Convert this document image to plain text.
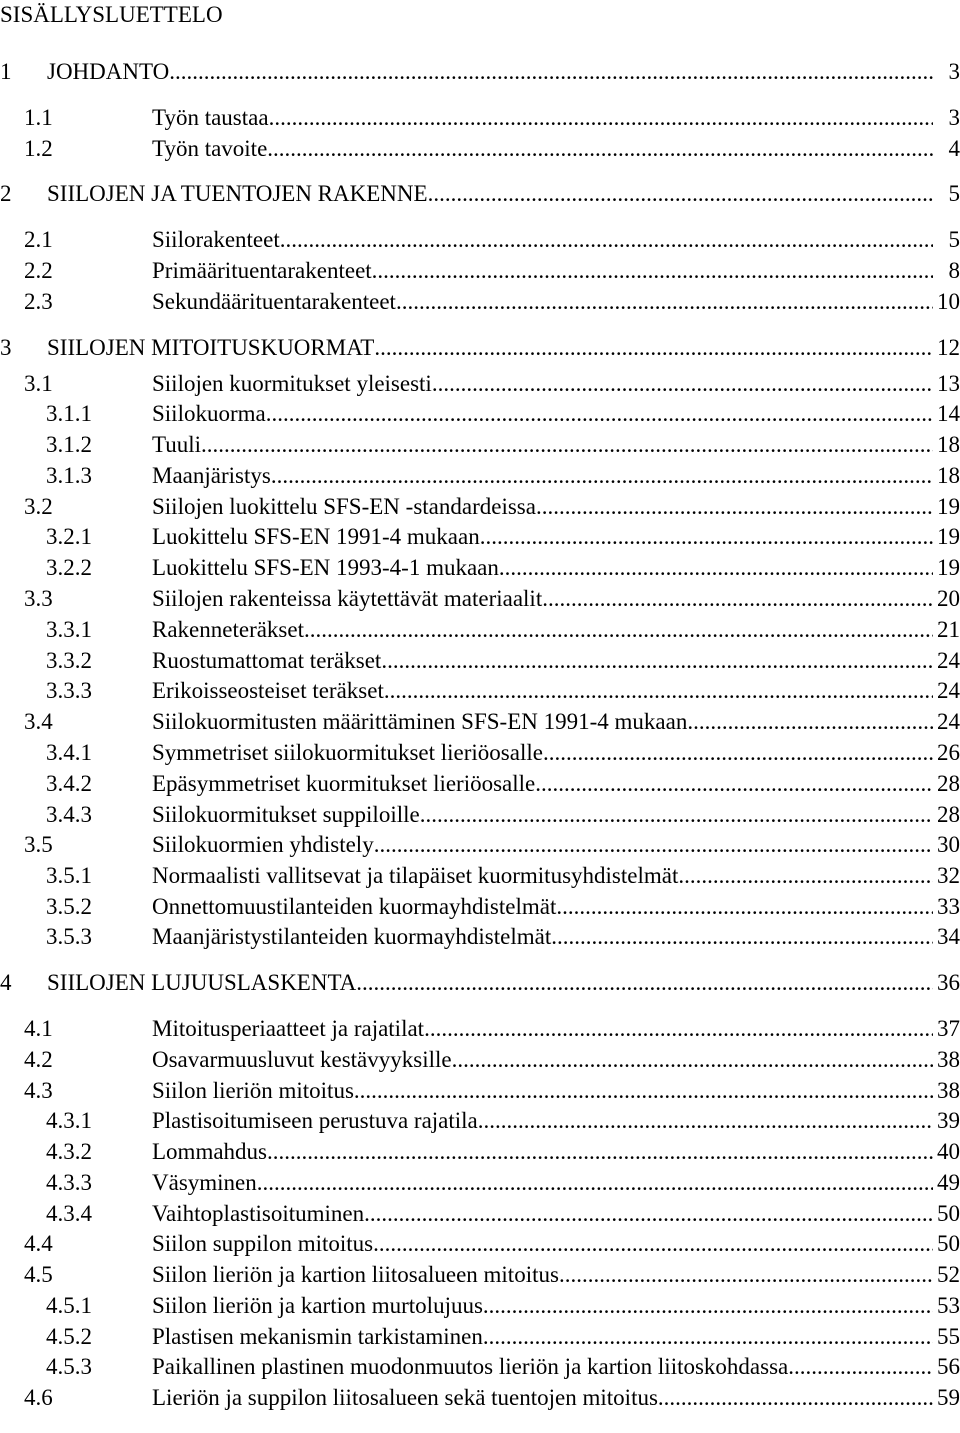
SISÄLLYSLUETTELO
1 JOHDANTO .....	3
1.1	Työn taustaa .....	3
1.2	Työn tavoite .....	4
2 SIILOJEN JA TUENTOJEN RAKENNE .....	5
2.1	Siilorakenteet .....	5
2.2	Primäärituentarakenteet .....	8
2.3	Sekundäärituentarakenteet .....	10
3 SIILOJEN MITOITUSKUORMAT .....	12
3.1	Siilojen kuormitukset yleisesti .....	13
3.1.1	Siilokuorma .....	14
3.1.2	Tuuli .....	18
3.1.3	Maanjäristys .....	18
3.2	Siilojen luokittelu SFS-EN -standardeissa .....	19
3.2.1	Luokittelu SFS-EN 1991-4 mukaan .....	19
3.2.2	Luokittelu SFS-EN 1993-4-1 mukaan .....	19
3.3	Siilojen rakenteissa käytettävät materiaalit .....	20
3.3.1	Rakenneteräkset .....	21
3.3.2	Ruostumattomat teräkset .....	24
3.3.3	Erikoisseosteiset teräkset .....	24
3.4	Siilokuormitusten määrittäminen SFS-EN 1991-4 mukaan .....	24
3.4.1	Symmetriset siilokuormitukset lieriöosalle .....	26
3.4.2	Epäsymmetriset kuormitukset lieriöosalle .....	28
3.4.3	Siilokuormitukset suppiloille .....	28
3.5	Siilokuormien yhdistely .....	30
3.5.1	Normaalisti vallitsevat ja tilapäiset kuormitusyhdistelmät .....	32
3.5.2	Onnettomuustilanteiden kuormayhdistelmät .....	33
3.5.3	Maanjäristystilanteiden kuormayhdistelmät .....	34
4 SIILOJEN LUJUUSLASKENTA .....	36
4.1	Mitoitusperiaatteet ja rajatilat .....	37
4.2	Osavarmuusluvut kestävyyksille .....	38
4.3	Siilon lieriön mitoitus .....	38
4.3.1	Plastisoitumiseen perustuva rajatila .....	39
4.3.2	Lommahdus .....	40
4.3.3	Väsyminen .....	49
4.3.4	Vaihtoplastisoituminen .....	50
4.4	Siilon suppilon mitoitus .....	50
4.5	Siilon lieriön ja kartion liitosalueen mitoitus .....	52
4.5.1	Siilon lieriön ja kartion murtolujuus .....	53
4.5.2	Plastisen mekanismin tarkistaminen .....	55
4.5.3	Paikallinen plastinen muodonmuutos lieriön ja kartion liitoskohdassa .....	56
4.6	Lieriön ja suppilon liitosalueen sekä tuentojen mitoitus .....	59
